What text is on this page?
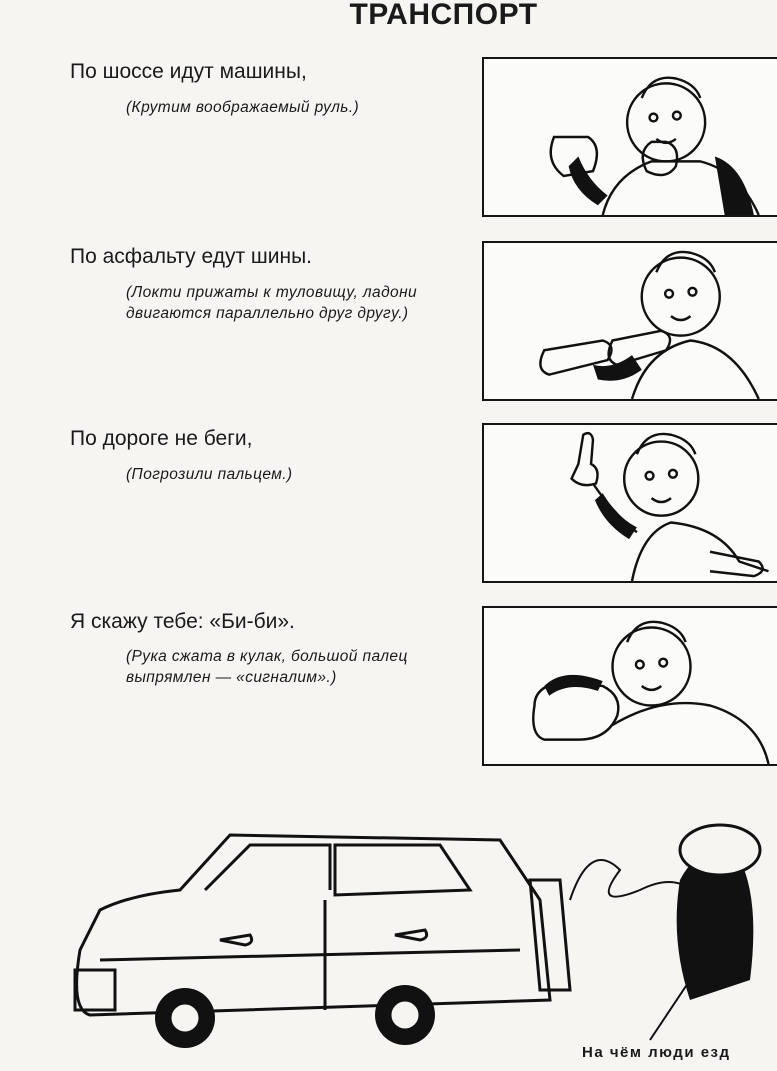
ТРАНСПОРТ
По шоссе идут машины,
(Крутим воображаемый руль.)
По асфальту едут шины.
(Локти прижаты к туловищу, ладони двигаются параллельно друг другу.)
По дороге не беги,
(Погрозили пальцем.)
Я скажу тебе: «Би-би».
(Рука сжата в кулак, большой палец выпрямлен — «сигналим».)
На чём люди езд
